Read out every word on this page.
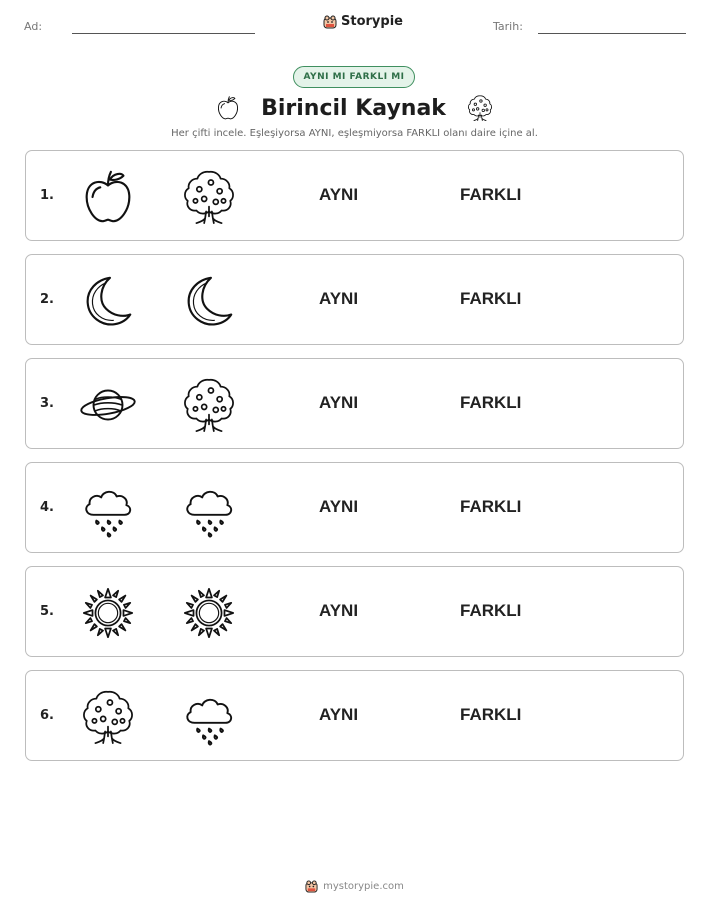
Ad:	Storypie	Tarih:
AYNI MI FARKLI MI
Birincil Kaynak
Her çifti incele. Eşleşiyorsa AYNI, eşleşmiyorsa FARKLI olanı daire içine al.
1.	AYNI	FARKLI
2.	AYNI	FARKLI
3.	AYNI	FARKLI
4.	AYNI	FARKLI
5.	AYNI	FARKLI
6.	AYNI	FARKLI
mystorypie.com
